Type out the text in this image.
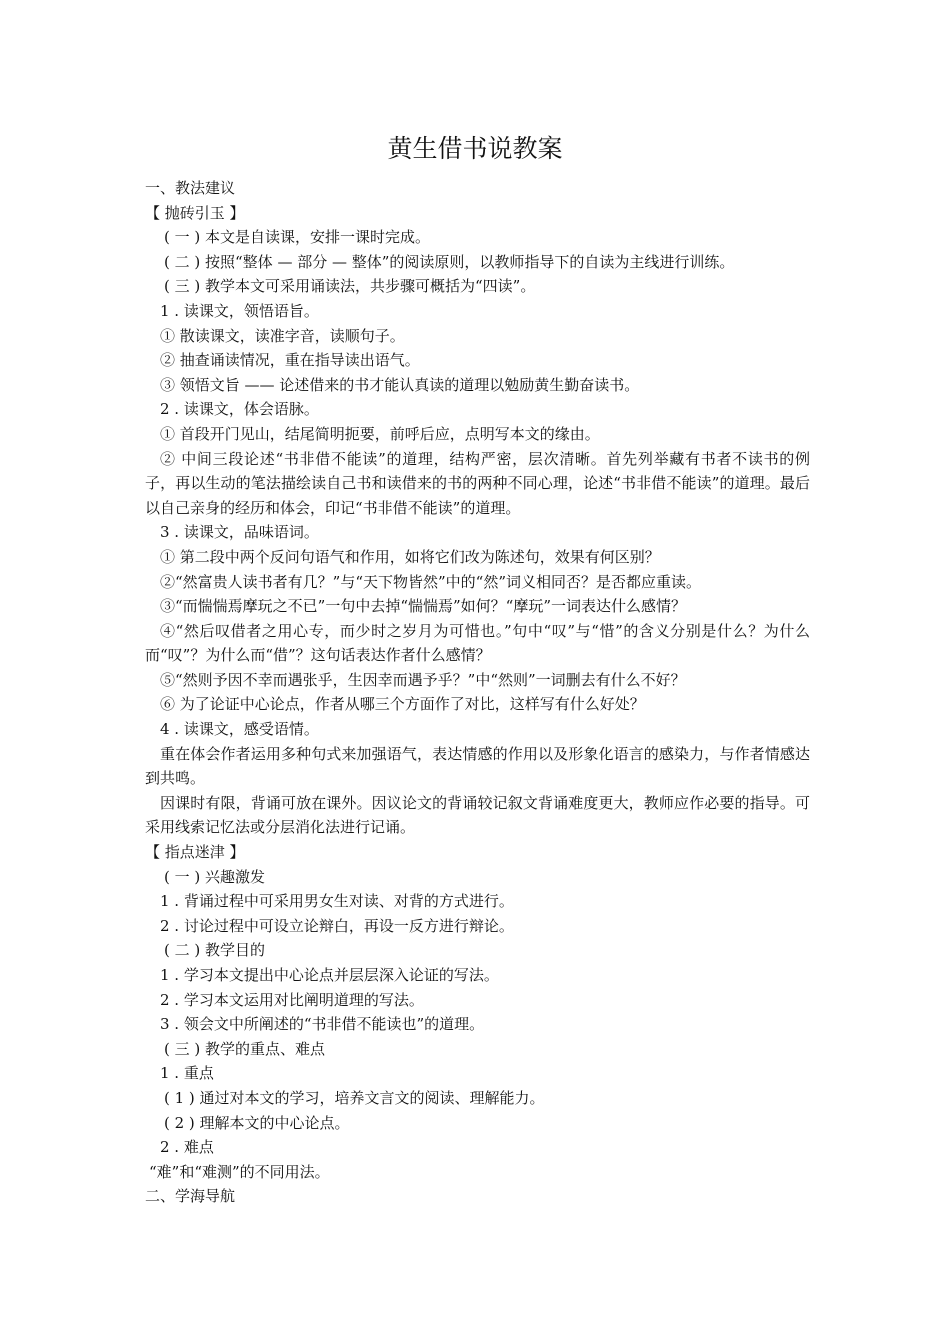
黄生借书说教案

一、教法建议

【 抛砖引玉 】

( 一 ) 本文是自读课，安排一课时完成。

( 二 ) 按照“整体 — 部分 — 整体”的阅读原则，以教师指导下的自读为主线进行训练。

( 三 ) 教学本文可采用诵读法，共步骤可概括为“四读”。

1 . 读课文，领悟语旨。

① 散读课文，读准字音，读顺句子。

② 抽查诵读情况，重在指导读出语气。

③ 领悟文旨 —— 论述借来的书才能认真读的道理以勉励黄生勤奋读书。

2 . 读课文，体会语脉。

① 首段开门见山，结尾简明扼要，前呼后应，点明写本文的缘由。

② 中间三段论述“书非借不能读”的道理，结构严密，层次清晰。首先列举藏有书者不读书的例子，再以生动的笔法描绘读自己书和读借来的书的两种不同心理，论述“书非借不能读”的道理。最后以自己亲身的经历和体会，印记“书非借不能读”的道理。

3 . 读课文，品味语词。

① 第二段中两个反问句语气和作用，如将它们改为陈述句，效果有何区别？

②“然富贵人读书者有几？”与“天下物皆然”中的“然”词义相同否？是否都应重读。

③“而惴惴焉摩玩之不已”一句中去掉“惴惴焉”如何？“摩玩”一词表达什么感情？

④“然后叹借者之用心专，而少时之岁月为可惜也。”句中“叹”与“惜”的含义分别是什么？为什么而“叹”？为什么而“借”？这句话表达作者什么感情？

⑤“然则予因不幸而遇张乎，生因幸而遇予乎？”中“然则”一词删去有什么不好？

⑥ 为了论证中心论点，作者从哪三个方面作了对比，这样写有什么好处？

4 . 读课文，感受语情。

重在体会作者运用多种句式来加强语气，表达情感的作用以及形象化语言的感染力，与作者情感达到共鸣。

因课时有限，背诵可放在课外。因议论文的背诵较记叙文背诵难度更大，教师应作必要的指导。可采用线索记忆法或分层消化法进行记诵。

【 指点迷津 】

( 一 ) 兴趣激发

1 . 背诵过程中可采用男女生对读、对背的方式进行。

2 . 讨论过程中可设立论辩白，再设一反方进行辩论。

( 二 ) 教学目的

1 . 学习本文提出中心论点并层层深入论证的写法。

2 . 学习本文运用对比阐明道理的写法。

3 . 领会文中所阐述的“书非借不能读也”的道理。

( 三 ) 教学的重点、难点

1 . 重点

( 1 ) 通过对本文的学习，培养文言文的阅读、理解能力。

( 2 ) 理解本文的中心论点。

2 . 难点

“难”和“难测”的不同用法。

二、学海导航
